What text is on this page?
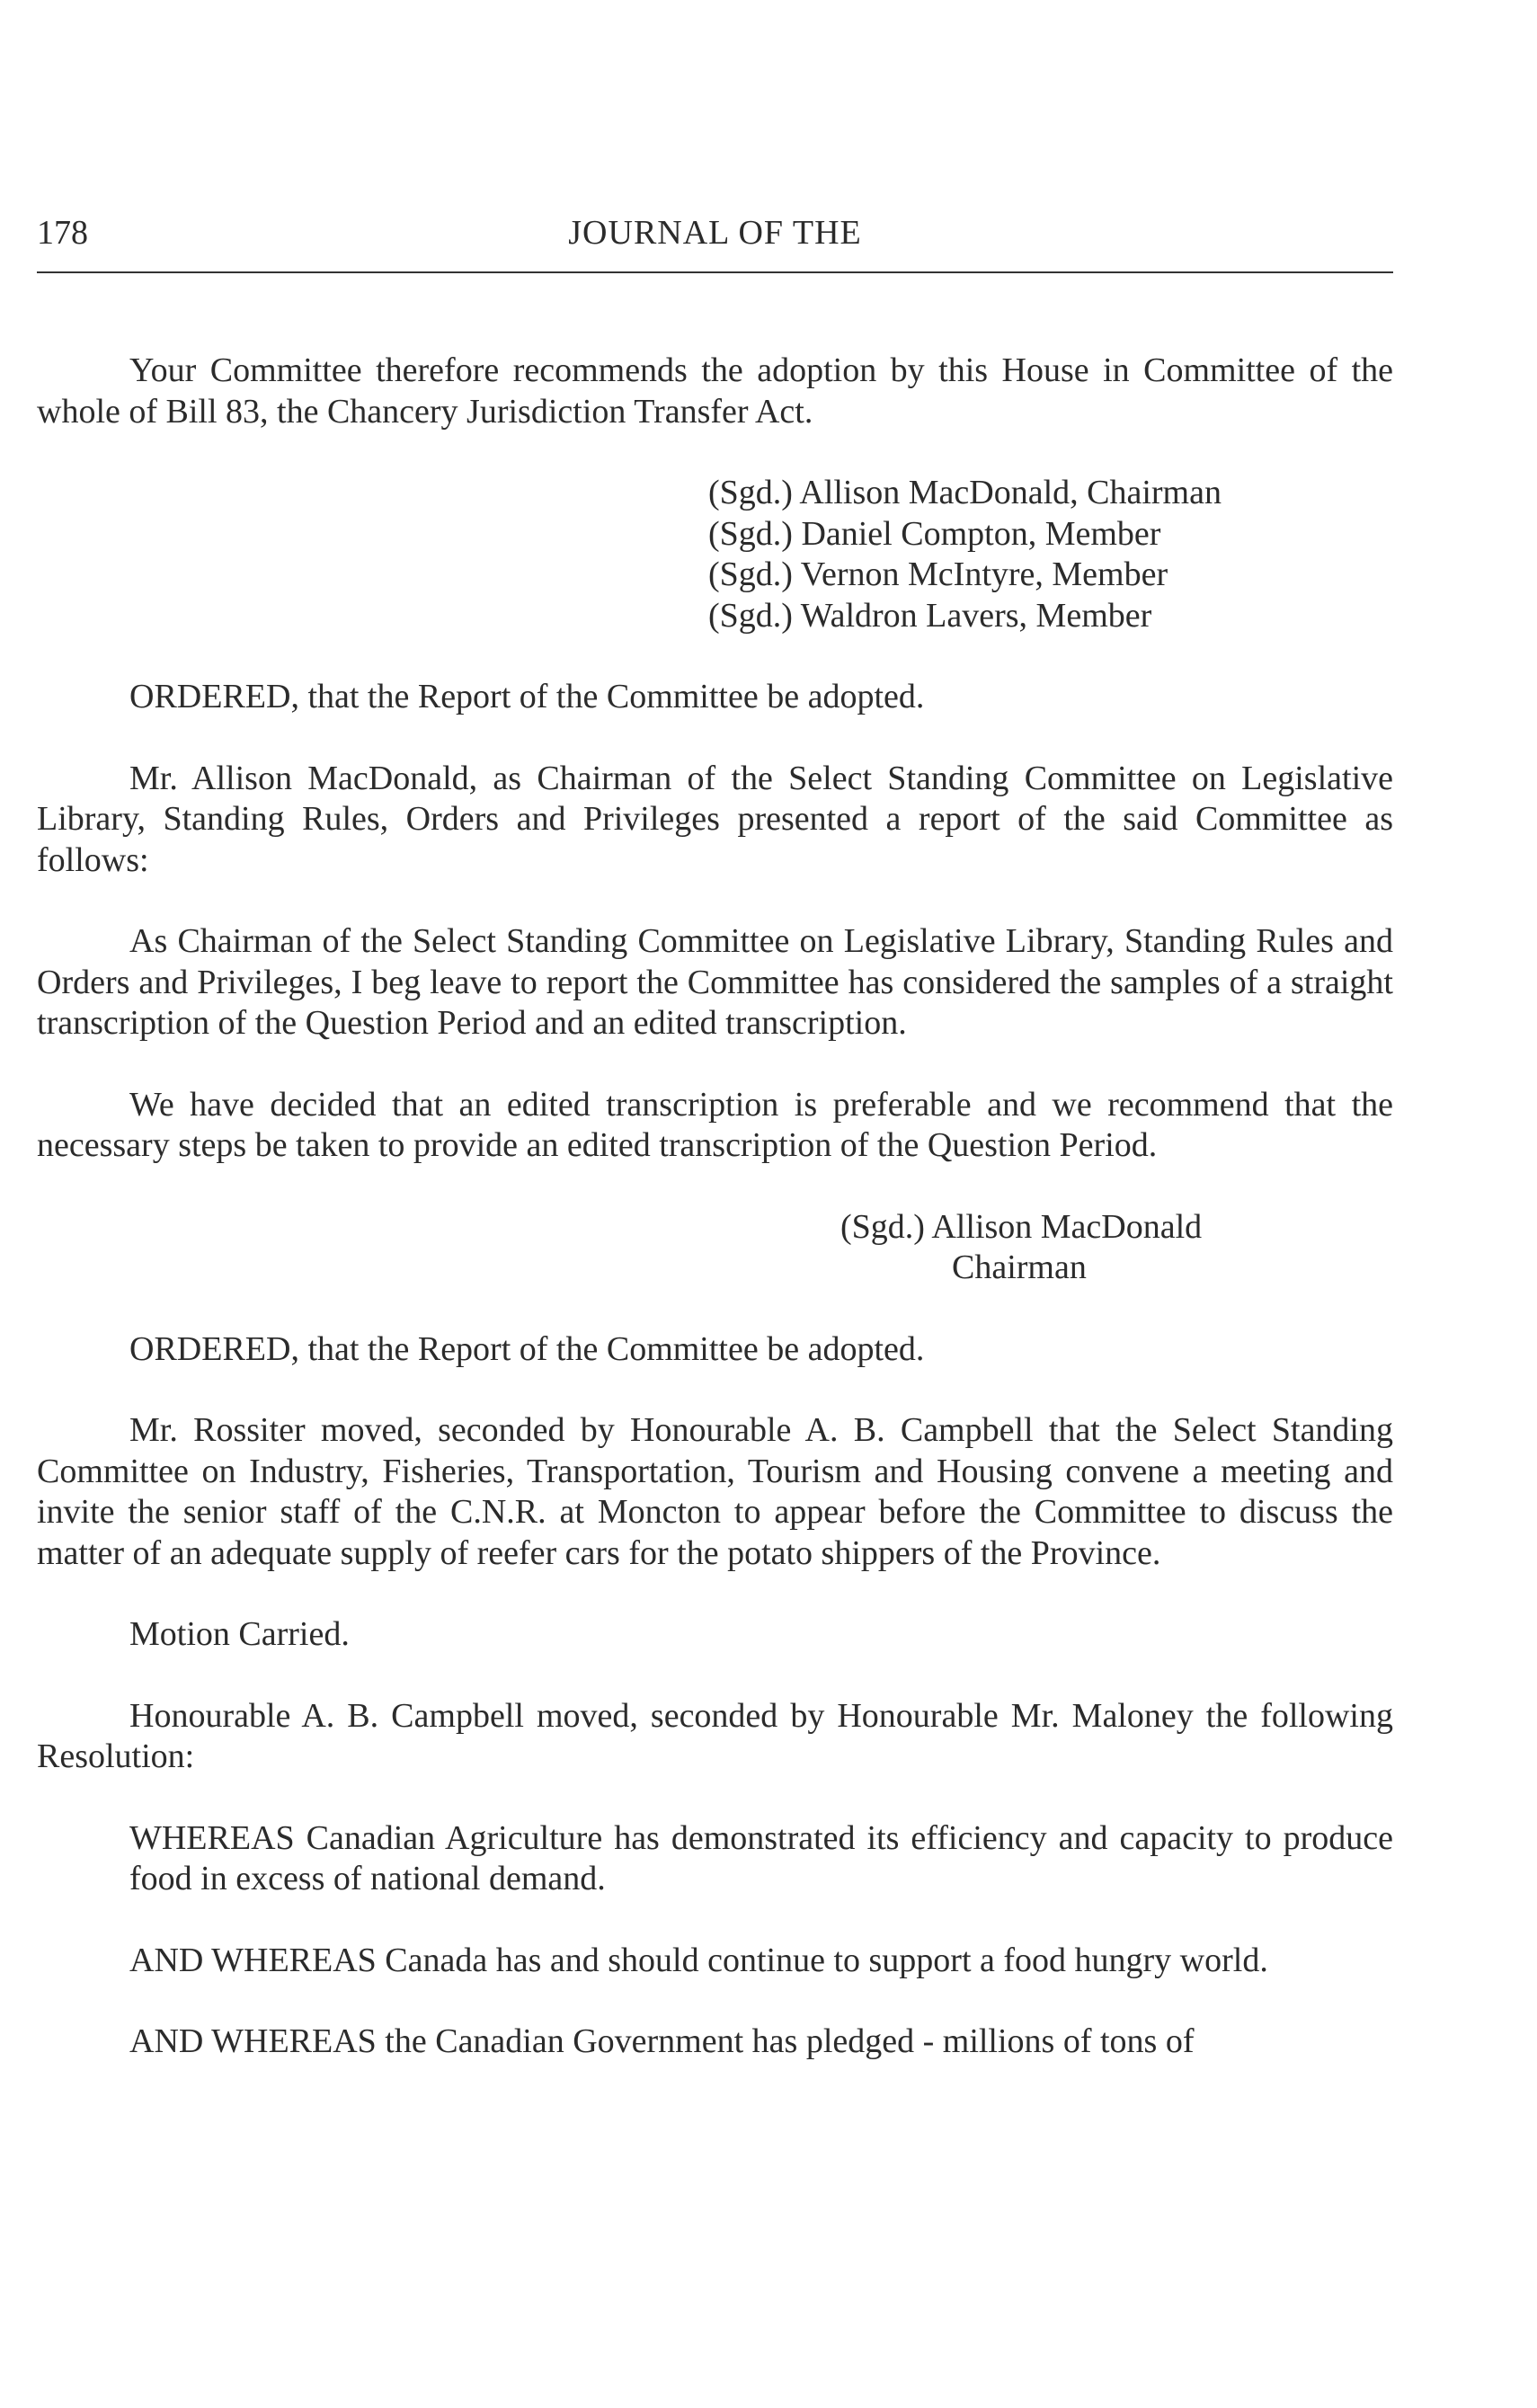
178	JOURNAL OF THE

Your Committee therefore recommends the adoption by this House in Committee of the whole of Bill 83, the Chancery Jurisdiction Transfer Act.

(Sgd.) Allison MacDonald, Chairman
(Sgd.) Daniel Compton, Member
(Sgd.) Vernon McIntyre, Member
(Sgd.) Waldron Lavers, Member

ORDERED, that the Report of the Committee be adopted.

Mr. Allison MacDonald, as Chairman of the Select Standing Committee on Legislative Library, Standing Rules, Orders and Privileges presented a report of the said Committee as follows:

As Chairman of the Select Standing Committee on Legislative Library, Standing Rules and Orders and Privileges, I beg leave to report the Committee has considered the samples of a straight transcription of the Question Period and an edited transcription.

We have decided that an edited transcription is preferable and we recommend that the necessary steps be taken to provide an edited transcription of the Question Period.

(Sgd.) Allison MacDonald
Chairman

ORDERED, that the Report of the Committee be adopted.

Mr. Rossiter moved, seconded by Honourable A. B. Campbell that the Select Standing Committee on Industry, Fisheries, Transportation, Tourism and Housing convene a meeting and invite the senior staff of the C.N.R. at Moncton to appear before the Committee to discuss the matter of an adequate supply of reefer cars for the potato shippers of the Province.

Motion Carried.

Honourable A. B. Campbell moved, seconded by Honourable Mr. Maloney the following Resolution:

WHEREAS Canadian Agriculture has demonstrated its efficiency and capacity to produce food in excess of national demand.

AND WHEREAS Canada has and should continue to support a food hungry world.

AND WHEREAS the Canadian Government has pledged - millions of tons of
